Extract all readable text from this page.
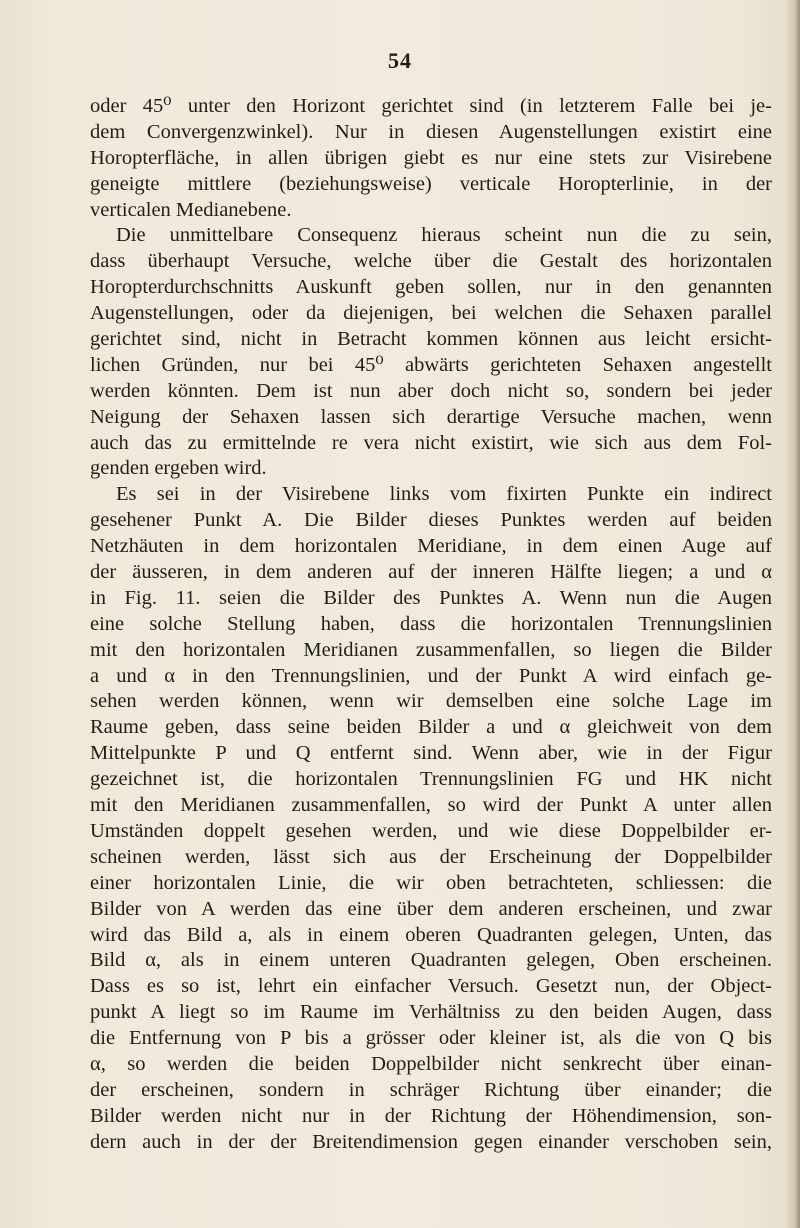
54
oder 45⁰ unter den Horizont gerichtet sind (in letzterem Falle bei je-
dem Convergenzwinkel). Nur in diesen Augenstellungen existirt eine
Horopterfläche, in allen übrigen giebt es nur eine stets zur Visirebene
geneigte mittlere (beziehungsweise) verticale Horopterlinie, in der
verticalen Medianebene.
Die unmittelbare Consequenz hieraus scheint nun die zu sein,
dass überhaupt Versuche, welche über die Gestalt des horizontalen
Horopterdurchschnitts Auskunft geben sollen, nur in den genannten
Augenstellungen, oder da diejenigen, bei welchen die Sehaxen parallel
gerichtet sind, nicht in Betracht kommen können aus leicht ersicht-
lichen Gründen, nur bei 45⁰ abwärts gerichteten Sehaxen angestellt
werden könnten. Dem ist nun aber doch nicht so, sondern bei jeder
Neigung der Sehaxen lassen sich derartige Versuche machen, wenn
auch das zu ermittelnde re vera nicht existirt, wie sich aus dem Fol-
genden ergeben wird.
Es sei in der Visirebene links vom fixirten Punkte ein indirect
gesehener Punkt A. Die Bilder dieses Punktes werden auf beiden
Netzhäuten in dem horizontalen Meridiane, in dem einen Auge auf
der äusseren, in dem anderen auf der inneren Hälfte liegen; a und α
in Fig. 11. seien die Bilder des Punktes A. Wenn nun die Augen
eine solche Stellung haben, dass die horizontalen Trennungslinien
mit den horizontalen Meridianen zusammenfallen, so liegen die Bilder
a und α in den Trennungslinien, und der Punkt A wird einfach ge-
sehen werden können, wenn wir demselben eine solche Lage im
Raume geben, dass seine beiden Bilder a und α gleichweit von dem
Mittelpunkte P und Q entfernt sind. Wenn aber, wie in der Figur
gezeichnet ist, die horizontalen Trennungslinien FG und HK nicht
mit den Meridianen zusammenfallen, so wird der Punkt A unter allen
Umständen doppelt gesehen werden, und wie diese Doppelbilder er-
scheinen werden, lässt sich aus der Erscheinung der Doppelbilder
einer horizontalen Linie, die wir oben betrachteten, schliessen: die
Bilder von A werden das eine über dem anderen erscheinen, und zwar
wird das Bild a, als in einem oberen Quadranten gelegen, Unten, das
Bild α, als in einem unteren Quadranten gelegen, Oben erscheinen.
Dass es so ist, lehrt ein einfacher Versuch. Gesetzt nun, der Object-
punkt A liegt so im Raume im Verhältniss zu den beiden Augen, dass
die Entfernung von P bis a grösser oder kleiner ist, als die von Q bis
α, so werden die beiden Doppelbilder nicht senkrecht über einan-
der erscheinen, sondern in schräger Richtung über einander; die
Bilder werden nicht nur in der Richtung der Höhendimension, son-
dern auch in der der Breitendimension gegen einander verschoben sein,
